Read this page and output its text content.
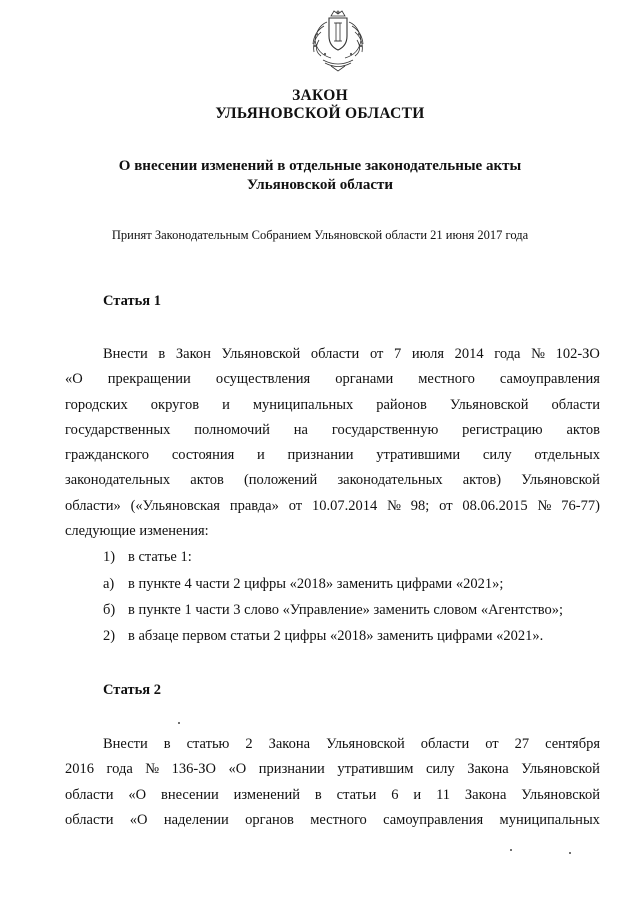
ЗАКОН
УЛЬЯНОВСКОЙ ОБЛАСТИ
О внесении изменений в отдельные законодательные акты
Ульяновской области
Принят Законодательным Собранием Ульяновской области 21 июня 2017 года
Статья 1
Внести в Закон Ульяновской области от 7 июля 2014 года № 102-ЗО
«О прекращении осуществления органами местного самоуправления
городских округов и муниципальных районов Ульяновской области
государственных полномочий на государственную регистрацию актов
гражданского состояния и признании утратившими силу отдельных
законодательных актов (положений законодательных актов) Ульяновской
области» («Ульяновская правда» от 10.07.2014 № 98; от 08.06.2015 № 76-77)
следующие изменения:
1) в статье 1:
а) в пункте 4 части 2 цифры «2018» заменить цифрами «2021»;
б) в пункте 1 части 3 слово «Управление» заменить словом «Агентство»;
2) в абзаце первом статьи 2 цифры «2018» заменить цифрами «2021».
Статья 2
Внести в статью 2 Закона Ульяновской области от 27 сентября
2016 года № 136-ЗО «О признании утратившим силу Закона Ульяновской
области «О внесении изменений в статьи 6 и 11 Закона Ульяновской
области «О наделении органов местного самоуправления муниципальных
